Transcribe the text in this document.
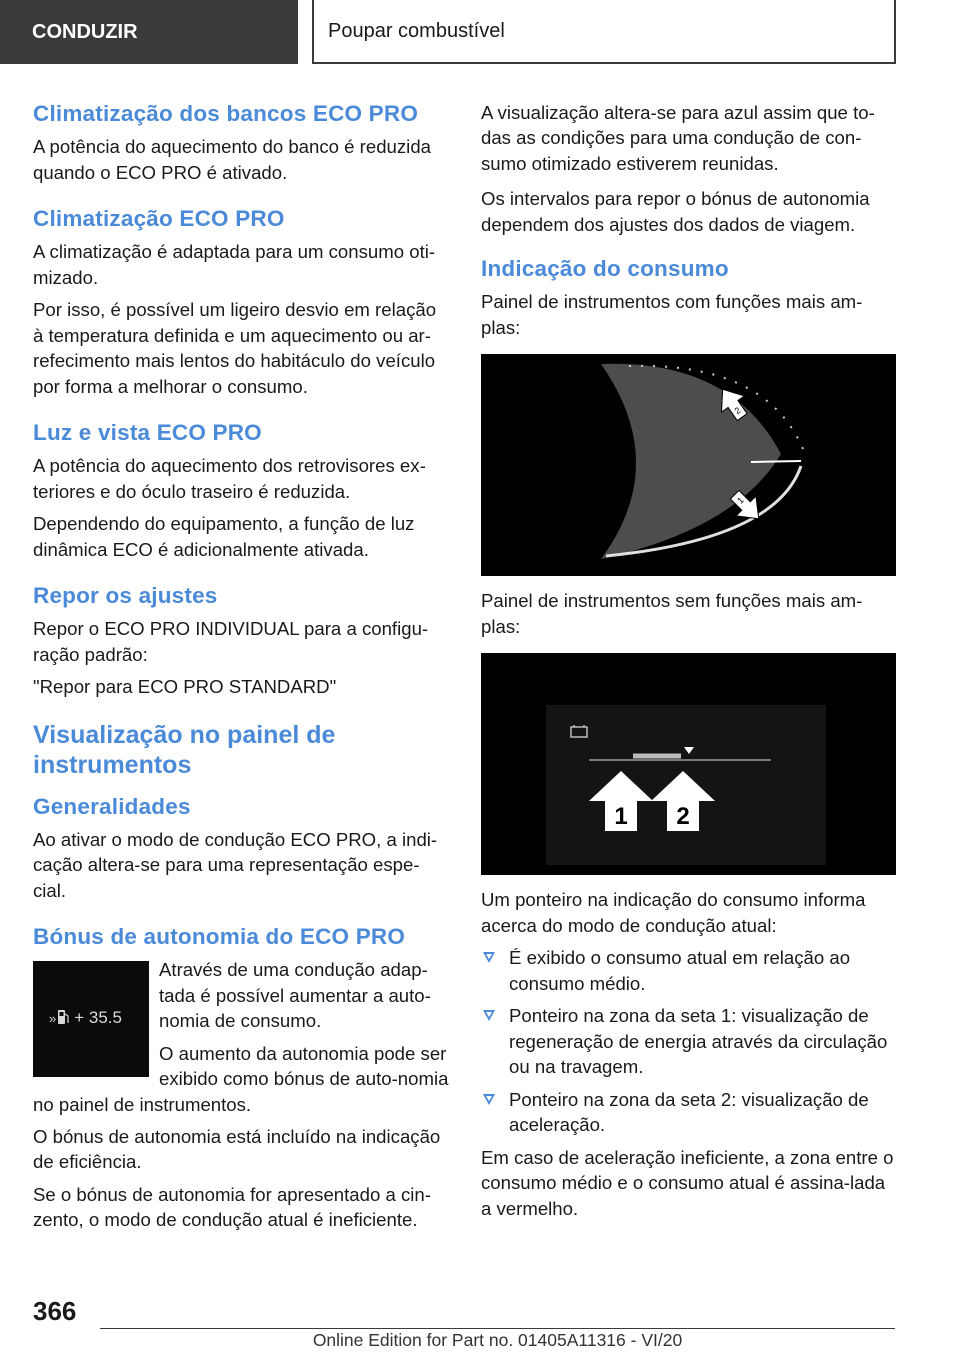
CONDUZIR	Poupar combustível
Climatização dos bancos ECO PRO

A potência do aquecimento do banco é reduzida quando o ECO PRO é ativado.

Climatização ECO PRO

A climatização é adaptada para um consumo oti‐mizado.

Por isso, é possível um ligeiro desvio em relação à temperatura definida e um aquecimento ou ar‐refecimento mais lentos do habitáculo do veículo por forma a melhorar o consumo.

Luz e vista ECO PRO

A potência do aquecimento dos retrovisores ex‐teriores e do óculo traseiro é reduzida.

Dependendo do equipamento, a função de luz dinâmica ECO é adicionalmente ativada.

Repor os ajustes

Repor o ECO PRO INDIVIDUAL para a configu‐ração padrão:

"Repor para ECO PRO STANDARD"

Visualização no painel de instrumentos
Generalidades

Ao ativar o modo de condução ECO PRO, a indi‐cação altera-se para uma representação espe‐cial.

Bónus de autonomia do ECO PRO
» + 35.5

Através de uma condução adap‐tada é possível aumentar a auto‐nomia de consumo.

O aumento da autonomia pode ser exibido como bónus de auto‐nomia no painel de instrumentos.

O bónus de autonomia está incluído na indicação de eficiência.

Se o bónus de autonomia for apresentado a cin‐zento, o modo de condução atual é ineficiente.

A visualização altera-se para azul assim que to‐das as condições para uma condução de con‐sumo otimizado estiverem reunidas.

Os intervalos para repor o bónus de autonomia dependem dos ajustes dos dados de viagem.

Indicação do consumo

Painel de instrumentos com funções mais am‐plas:

2
1

Painel de instrumentos sem funções mais am‐plas:

1 2

Um ponteiro na indicação do consumo informa acerca do modo de condução atual:

É exibido o consumo atual em relação ao consumo médio.
Ponteiro na zona da seta 1: visualização de regeneração de energia através da circulação ou na travagem.
Ponteiro na zona da seta 2: visualização de aceleração.

Em caso de aceleração ineficiente, a zona entre o consumo médio e o consumo atual é assina‐lada a vermelho.

366
Online Edition for Part no. 01405A11316 - VI/20
